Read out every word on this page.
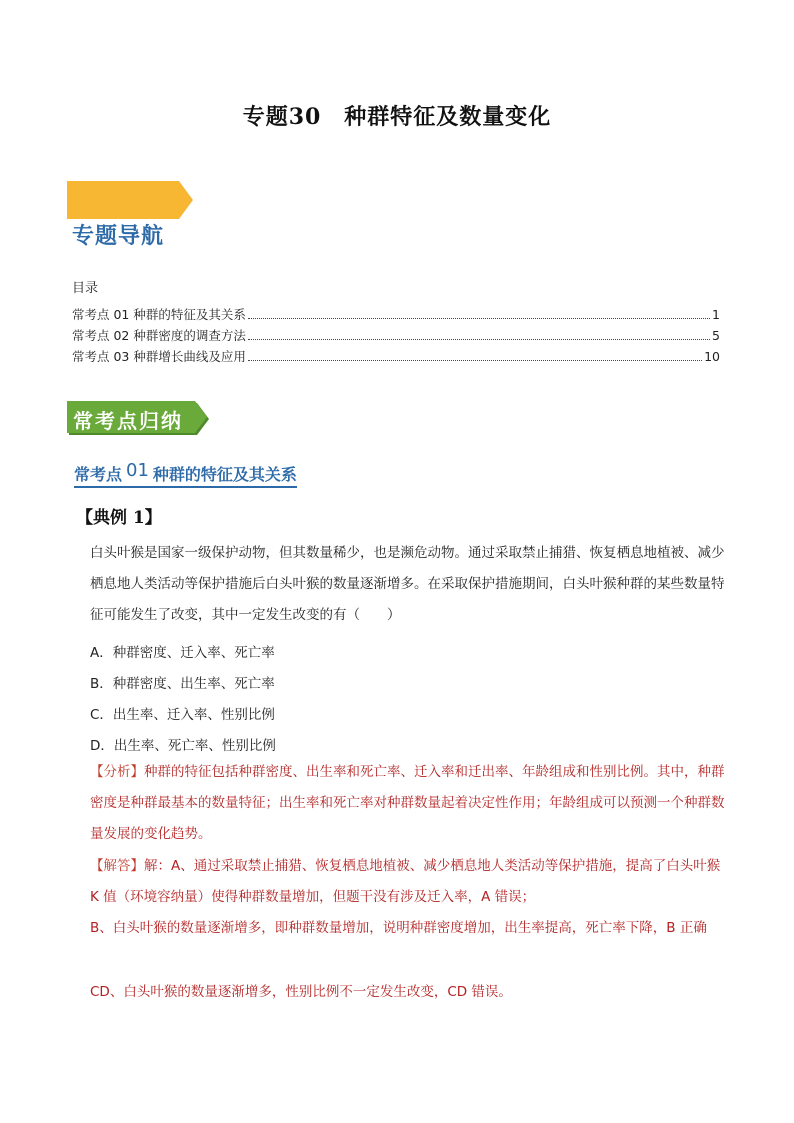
专题30　种群特征及数量变化
专题导航
目录
常考点 01 种群的特征及其关系	1
常考点 02 种群密度的调查方法	5
常考点 03 种群增长曲线及应用	10
常考点归纳
常考点 01 种群的特征及其关系
【典例 1】
白头叶猴是国家一级保护动物，但其数量稀少，也是濒危动物。通过采取禁止捕猎、恢复栖息地植被、减少栖息地人类活动等保护措施后白头叶猴的数量逐渐增多。在采取保护措施期间，白头叶猴种群的某些数量特征可能发生了改变，其中一定发生改变的有（　　）
A．种群密度、迁入率、死亡率
B．种群密度、出生率、死亡率
C．出生率、迁入率、性别比例
D．出生率、死亡率、性别比例
【分析】种群的特征包括种群密度、出生率和死亡率、迁入率和迁出率、年龄组成和性别比例。其中，种群密度是种群最基本的数量特征；出生率和死亡率对种群数量起着决定性作用；年龄组成可以预测一个种群数量发展的变化趋势。
【解答】解：A、通过采取禁止捕猎、恢复栖息地植被、减少栖息地人类活动等保护措施，提高了白头叶猴 K 值（环境容纳量）使得种群数量增加，但题干没有涉及迁入率，A 错误；
B、白头叶猴的数量逐渐增多，即种群数量增加，说明种群密度增加，出生率提高，死亡率下降，B 正确
CD、白头叶猴的数量逐渐增多，性别比例不一定发生改变，CD 错误。
